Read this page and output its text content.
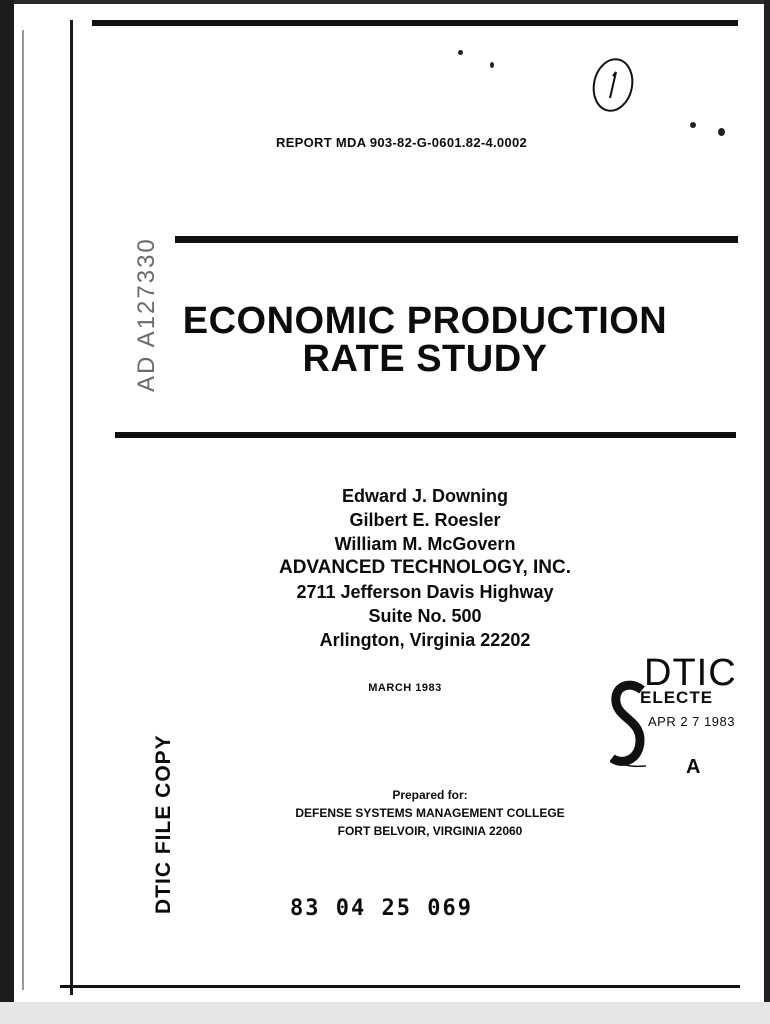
REPORT MDA 903-82-G-0601.82-4.0002
ECONOMIC PRODUCTION
RATE STUDY
AD A127330
Edward J. Downing
Gilbert E. Roesler
William M. McGovern
ADVANCED TECHNOLOGY, INC.
2711 Jefferson Davis Highway
Suite No. 500
Arlington, Virginia 22202
MARCH 1983	DTIC
ELECTE
APR 2 7 1983
A
DTIC FILE COPY	Prepared for:
DEFENSE SYSTEMS MANAGEMENT COLLEGE
FORT BELVOIR, VIRGINIA 22060
83 04 25 069
